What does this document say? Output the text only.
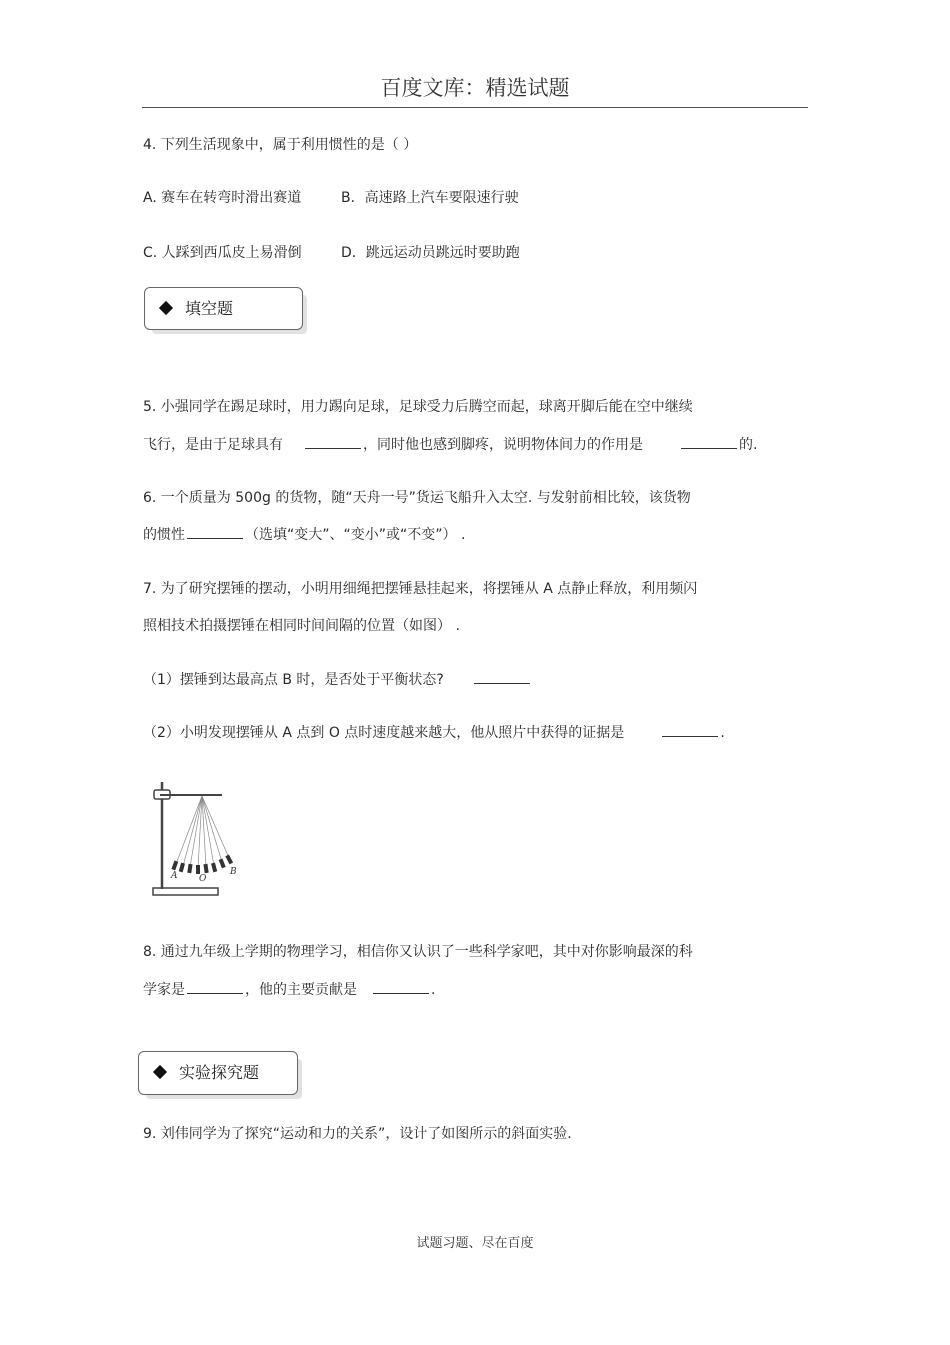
百度文库：精选试题
4. 下列生活现象中，属于利用惯性的是（ ）
A. 赛车在转弯时滑出赛道	B．高速路上汽车要限速行驶
C. 人踩到西瓜皮上易滑倒	D．跳远运动员跳远时要助跑
填空题
5. 小强同学在踢足球时，用力踢向足球，足球受力后腾空而起，球离开脚后能在空中继续
飞行，是由于足球具有	，同时他也感到脚疼，说明物体间力的作用是	的.
6. 一个质量为 500g 的货物，随“天舟一号”货运飞船升入太空. 与发射前相比较，该货物
的惯性	（选填“变大”、“变小”或“不变”） .
7. 为了研究摆锤的摆动，小明用细绳把摆锤悬挂起来，将摆锤从 A 点静止释放，利用频闪
照相技术拍摄摆锤在相同时间间隔的位置（如图） .
（1）摆锤到达最高点 B 时，是否处于平衡状态?
（2）小明发现摆锤从 A 点到 O 点时速度越来越大，他从照片中获得的证据是	.
A O
B
8. 通过九年级上学期的物理学习，相信你又认识了一些科学家吧，其中对你影响最深的科
学家是	，他的主要贡献是	.
实验探究题
9. 刘伟同学为了探究“运动和力的关系”，设计了如图所示的斜面实验.
试题习题、尽在百度
